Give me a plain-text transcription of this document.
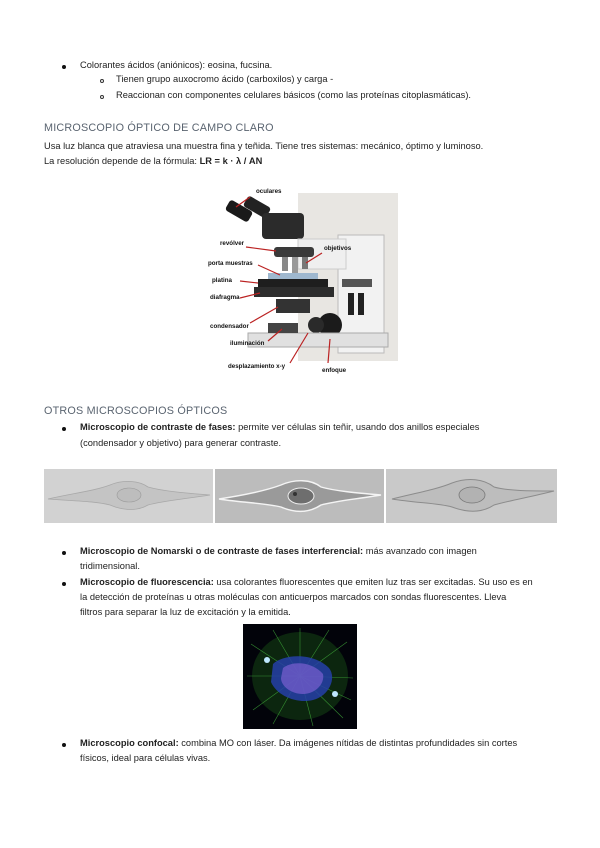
Colorantes ácidos (aniónicos): eosina, fucsina.
Tienen grupo auxocromo ácido (carboxilos) y carga -
Reaccionan con componentes celulares básicos (como las proteínas citoplasmáticas).
MICROSCOPIO ÓPTICO DE CAMPO CLARO
Usa luz blanca que atraviesa una muestra fina y teñida. Tiene tres sistemas: mecánico, óptimo y luminoso.
La resolución depende de la fórmula: LR = k · λ / AN
oculares
revólver
objetivos
porta muestras
platina
diafragma
condensador
iluminación
desplazamiento x-y
enfoque
OTROS MICROSCOPIOS ÓPTICOS
Microscopio de contraste de fases: permite ver células sin teñir, usando dos anillos especiales
(condensador y objetivo) para generar contraste.
Microscopio de Nomarski o de contraste de fases interferencial: más avanzado con imagen
tridimensional.
Microscopio de fluorescencia: usa colorantes fluorescentes que emiten luz tras ser excitadas. Su uso es en
la detección de proteínas u otras moléculas con anticuerpos marcados con sondas fluorescentes. Lleva
filtros para separar la luz de excitación y la emitida.
Microscopio confocal: combina MO con láser. Da imágenes nítidas de distintas profundidades sin cortes
físicos, ideal para células vivas.
